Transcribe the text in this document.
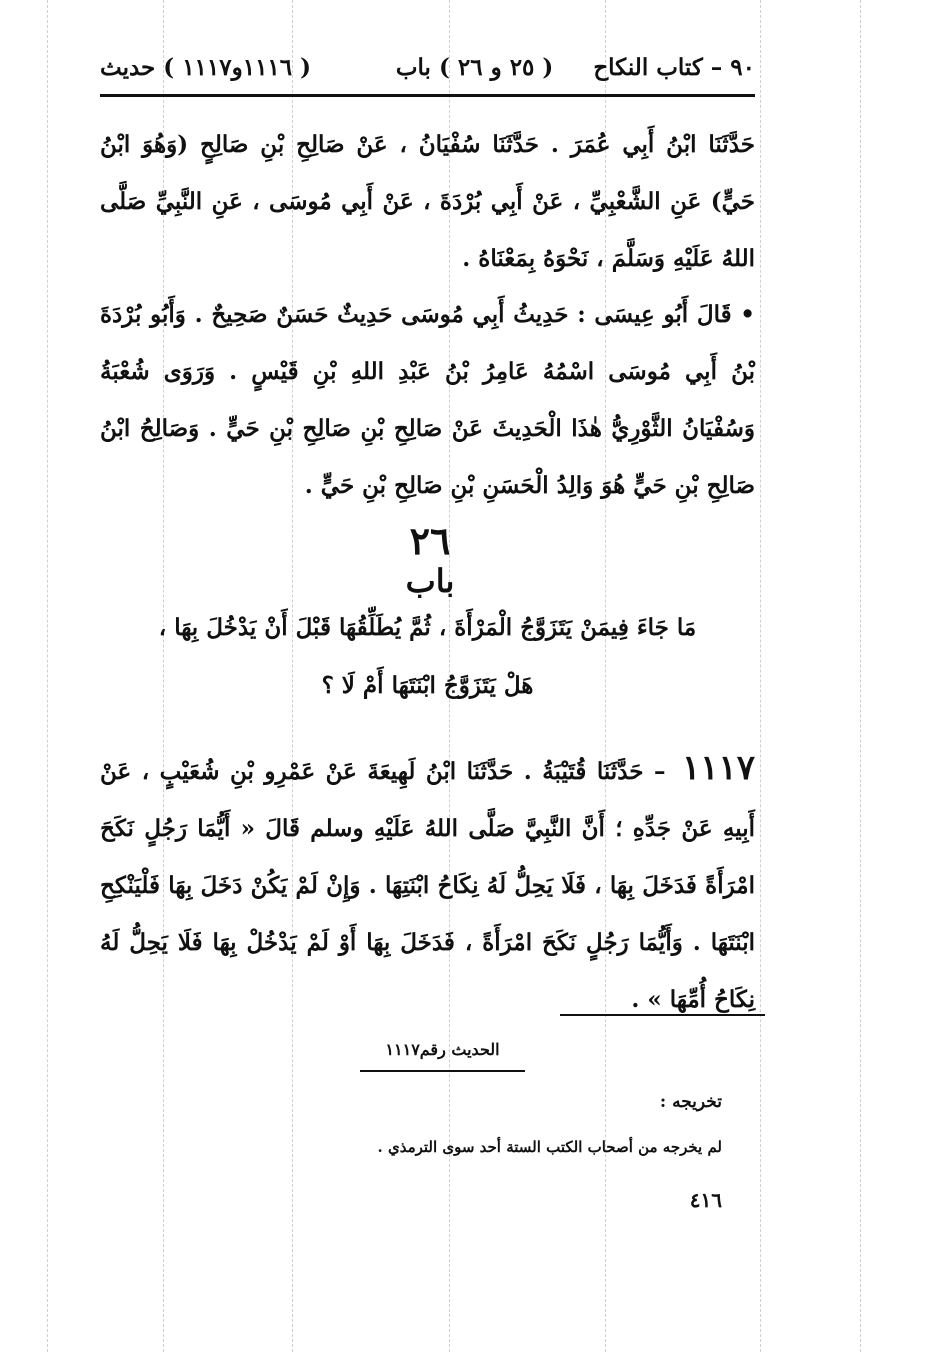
٩٠ – كتاب النكاح
( ٢٥ و ٢٦ ) باب
( ١١١٦و١١١٧ ) حديث
حَدَّثَنَا ابْنُ أَبِي عُمَرَ . حَدَّثَنَا سُفْيَانُ ، عَنْ صَالِحِ بْنِ صَالِحٍ (وَهُوَ ابْنُ حَيٍّ) عَنِ الشَّعْبِيِّ ، عَنْ أَبِي بُرْدَةَ ، عَنْ أَبِي مُوسَى ، عَنِ النَّبِيِّ صَلَّى اللهُ عَلَيْهِ وَسَلَّمَ ، نَحْوَهُ بِمَعْنَاهُ .
• قَالَ أَبُو عِيسَى : حَدِيثُ أَبِي مُوسَى حَدِيثٌ حَسَنٌ صَحِيحٌ . وَأَبُو بُرْدَةَ بْنُ أَبِي مُوسَى اسْمُهُ عَامِرُ بْنُ عَبْدِ اللهِ بْنِ قَيْسٍ . وَرَوَى شُعْبَةُ وَسُفْيَانُ الثَّوْرِيُّ هٰذَا الْحَدِيثَ عَنْ صَالِحِ بْنِ صَالِحِ بْنِ حَيٍّ . وَصَالِحُ ابْنُ صَالِحِ بْنِ حَيٍّ هُوَ وَالِدُ الْحَسَنِ بْنِ صَالِحِ بْنِ حَيٍّ .
٢٦
باب
مَا جَاءَ فِيمَنْ يَتَزَوَّجُ الْمَرْأَةَ ، ثُمَّ يُطَلِّقُهَا قَبْلَ أَنْ يَدْخُلَ بِهَا ،
هَلْ يَتَزَوَّجُ ابْنَتَهَا أَمْ لَا ؟
١١١٧ – حَدَّثَنَا قُتَيْبَةُ . حَدَّثَنَا ابْنُ لَهِيعَةَ عَنْ عَمْرِو بْنِ شُعَيْبٍ ، عَنْ أَبِيهِ عَنْ جَدِّهِ ؛ أَنَّ النَّبِيَّ صَلَّى اللهُ عَلَيْهِ وسلم قَالَ « أَيُّمَا رَجُلٍ نَكَحَ امْرَأَةً فَدَخَلَ بِهَا ، فَلَا يَحِلُّ لَهُ نِكَاحُ ابْنَتِهَا . وَإِنْ لَمْ يَكُنْ دَخَلَ بِهَا فَلْيَنْكِحِ ابْنَتَهَا . وَأَيُّمَا رَجُلٍ نَكَحَ امْرَأَةً ، فَدَخَلَ بِهَا أَوْ لَمْ يَدْخُلْ بِهَا فَلَا يَحِلُّ لَهُ نِكَاحُ أُمِّهَا » .
الحديث رقم١١١٧
تخريجه :
لم يخرجه من أصحاب الكتب الستة أحد سوى الترمذي .
٤١٦
